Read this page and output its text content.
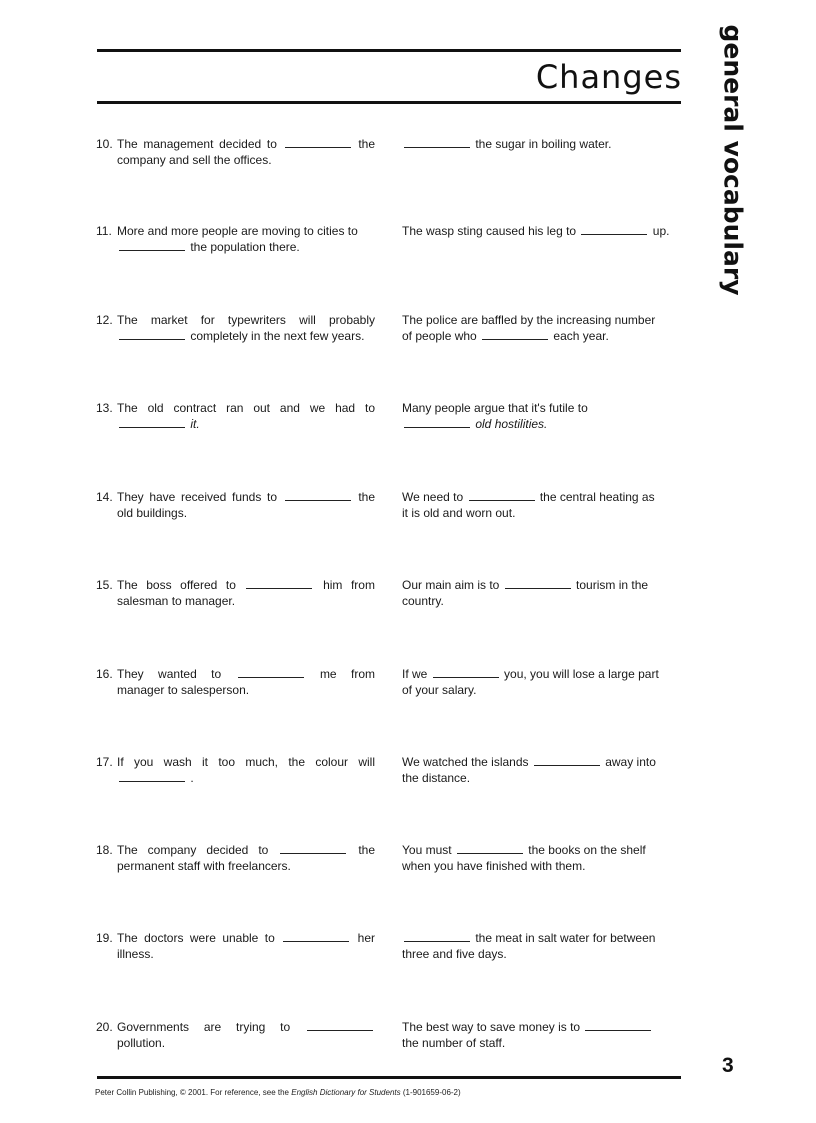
Changes general vocabulary
10. The management decided to	the
company and sell the offices.
the sugar in boiling water.
11. More and more people are moving to cities to
the population there.
The wasp sting caused his leg to	up.
12. The market for typewriters will probably
completely in the next few years.
The police are baffled by the increasing number
of people who	each year.
13. The old contract ran out and we had to
it.
Many people argue that it's futile to
old hostilities.
14. They have received funds to	the
old buildings.
We need to	the central heating as
it is old and worn out.
15. The boss offered to	him from
salesman to manager.
Our main aim is to	tourism in the
country.
16. They wanted to	me from
manager to salesperson.
If we	you, you will lose a large part
of your salary.
17. If you wash it too much, the colour will
.
We watched the islands	away into
the distance.
18. The company decided to	the
permanent staff with freelancers.
You must	the books on the shelf
when you have finished with them.
19. The doctors were unable to	her
illness.
the meat in salt water for between
three and five days.
20. Governments are trying to
pollution.
The best way to save money is to
the number of staff.
3
Peter Collin Publishing, © 2001. For reference, see the English Dictionary for Students (1-901659-06-2)
